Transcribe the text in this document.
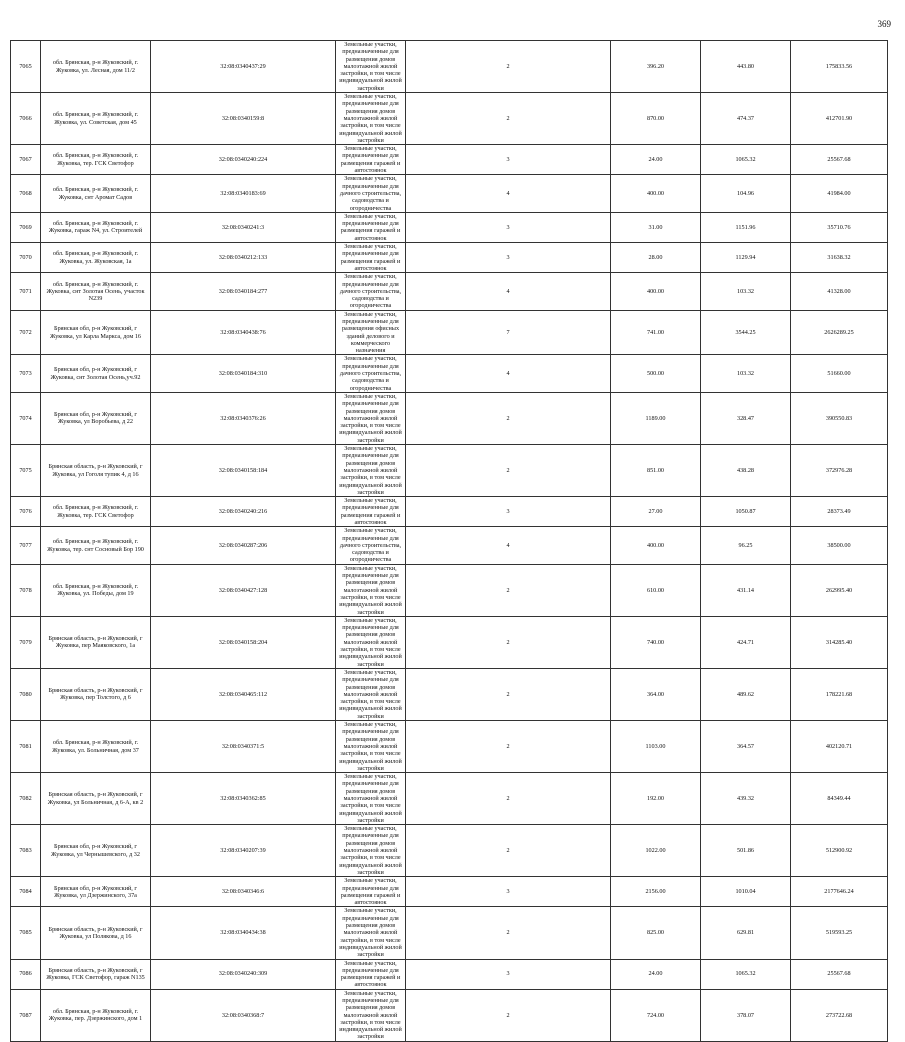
369
7065	обл. Брянская, р-н Жуковский, г. Жуковка, ул. Лесная, дом 11/2	32:08:0340437:29	Земельные участки, предназначенные для размещения домов малоэтажной жилой застройки, в том числе индивидуальной жилой застройки	2	396.20	443.80	175833.56
7066	обл. Брянская, р-н Жуковский, г. Жуковка, ул. Советская, дом 45	32:08:0340159:8	Земельные участки, предназначенные для размещения домов малоэтажной жилой застройки, в том числе индивидуальной жилой застройки	2	870.00	474.37	412701.90
7067	обл. Брянская, р-н Жуковский, г. Жуковка, тер. ГСК Светофор	32:08:0340240:224	Земельные участки, предназначенные для размещения гаражей и автостоянок	3	24.00	1065.32	25567.68
7068	обл. Брянская, р-н Жуковский, г. Жуковка, снт Аромат Садов	32:08:0340183:69	Земельные участки, предназначенные для дачного строительства, садоводства и огородничества	4	400.00	104.96	41984.00
7069	обл. Брянская, р-н Жуковский, г. Жуковка, гараж N4, ул. Строителей	32:08:0340241:3	Земельные участки, предназначенные для размещения гаражей и автостоянок	3	31.00	1151.96	35710.76
7070	обл. Брянская, р-н Жуковский, г. Жуковка, ул. Жуковская, 1а	32:08:0340212:133	Земельные участки, предназначенные для размещения гаражей и автостоянок	3	28.00	1129.94	31638.32
7071	обл. Брянская, р-н Жуковский, г. Жуковка, снт Золотая Осень, участок N239	32:08:0340184:277	Земельные участки, предназначенные для дачного строительства, садоводства и огородничества	4	400.00	103.32	41328.00
7072	Брянская обл, р-н Жуковский, г Жуковка, ул Карла Маркса, дом 16	32:08:0340438:76	Земельные участки, предназначенные для размещения офисных зданий делового и коммерческого назначения	7	741.00	3544.25	2626289.25
7073	Брянская обл, р-н Жуковский, г Жуковка, снт Золотая Осень,уч.92	32:08:0340184:310	Земельные участки, предназначенные для дачного строительства, садоводства и огородничества	4	500.00	103.32	51660.00
7074	Брянская обл, р-н Жуковский, г Жуковка, ул Воробьева, д 22	32:08:0340376:26	Земельные участки, предназначенные для размещения домов малоэтажной жилой застройки, в том числе индивидуальной жилой застройки	2	1189.00	328.47	390550.83
7075	Брянская область, р-н Жуковский, г Жуковка, ул Гоголя тупик 4, д 16	32:08:0340158:184	Земельные участки, предназначенные для размещения домов малоэтажной жилой застройки, в том числе индивидуальной жилой застройки	2	851.00	438.28	372976.28
7076	обл. Брянская, р-н Жуковский, г. Жуковка, тер. ГСК Светофор	32:08:0340240:216	Земельные участки, предназначенные для размещения гаражей и автостоянок	3	27.00	1050.87	28373.49
7077	обл. Брянская, р-н Жуковский, г. Жуковка, тер. снт Сосновый Бор 190	32:08:0340287:206	Земельные участки, предназначенные для дачного строительства, садоводства и огородничества	4	400.00	96.25	38500.00
7078	обл. Брянская, р-н Жуковский, г. Жуковка, ул. Победы, дом 19	32:08:0340427:128	Земельные участки, предназначенные для размещения домов малоэтажной жилой застройки, в том числе индивидуальной жилой застройки	2	610.00	431.14	262995.40
7079	Брянская область, р-н Жуковский, г Жуковка, пер Маяковского, 1а	32:08:0340158:204	Земельные участки, предназначенные для размещения домов малоэтажной жилой застройки, в том числе индивидуальной жилой застройки	2	740.00	424.71	314285.40
7080	Брянская область, р-н Жуковский, г Жуковка, пер Толстого, д 6	32:08:0340465:112	Земельные участки, предназначенные для размещения домов малоэтажной жилой застройки, в том числе индивидуальной жилой застройки	2	364.00	489.62	178221.68
7081	обл. Брянская, р-н Жуковский, г. Жуковка, ул. Больничная, дом 37	32:08:0340371:5	Земельные участки, предназначенные для размещения домов малоэтажной жилой застройки, в том числе индивидуальной жилой застройки	2	1103.00	364.57	402120.71
7082	Брянская область, р-н Жуковский, г Жуковка, ул Больничная, д 6-А, кв 2	32:08:0340362:85	Земельные участки, предназначенные для размещения домов малоэтажной жилой застройки, в том числе индивидуальной жилой застройки	2	192.00	439.32	84349.44
7083	Брянская обл, р-н Жуковский, г Жуковка, ул Чернышевского, д 32	32:08:0340207:39	Земельные участки, предназначенные для размещения домов малоэтажной жилой застройки, в том числе индивидуальной жилой застройки	2	1022.00	501.86	512900.92
7084	Брянская обл, р-н Жуковский, г Жуковка, ул Дзержинского, 37а	32:08:0340346:6	Земельные участки, предназначенные для размещения гаражей и автостоянок	3	2156.00	1010.04	2177646.24
7085	Брянская область, р-н Жуковский, г Жуковка, ул Полякова, д 16	32:08:0340434:38	Земельные участки, предназначенные для размещения домов малоэтажной жилой застройки, в том числе индивидуальной жилой застройки	2	825.00	629.81	519593.25
7086	Брянская область, р-н Жуковский, г Жуковка, ГСК Светофор, гараж N135	32:08:0340240:309	Земельные участки, предназначенные для размещения гаражей и автостоянок	3	24.00	1065.32	25567.68
7087	обл. Брянская, р-н Жуковский, г. Жуковка, пер. Дзержинского, дом 1	32:08:0340368:7	Земельные участки, предназначенные для размещения домов малоэтажной жилой застройки, в том числе индивидуальной жилой застройки	2	724.00	378.07	273722.68
